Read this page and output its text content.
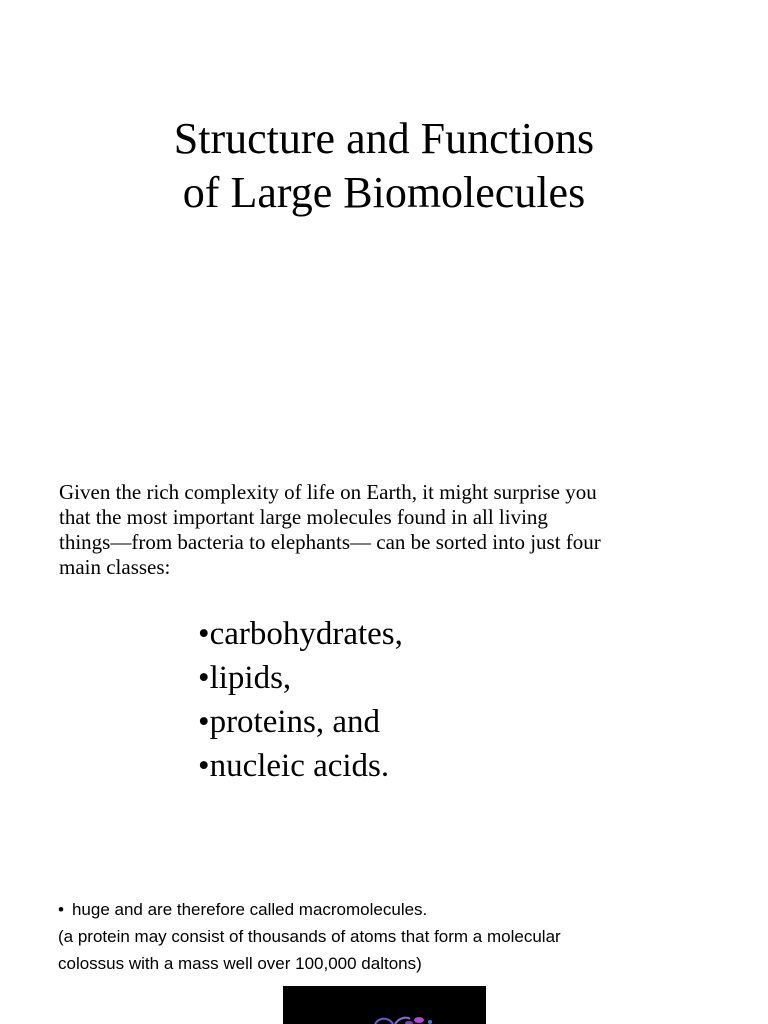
Structure and Functions
of Large Biomolecules
Given the rich complexity of life on Earth, it might surprise you
that the most important large molecules found in all living
things—from bacteria to elephants— can be sorted into just four
main classes:
• carbohydrates,
• lipids,
• proteins, and
• nucleic acids.
• huge and are therefore called macromolecules.
(a protein may consist of thousands of atoms that form a molecular
colossus with a mass well over 100,000 daltons)
